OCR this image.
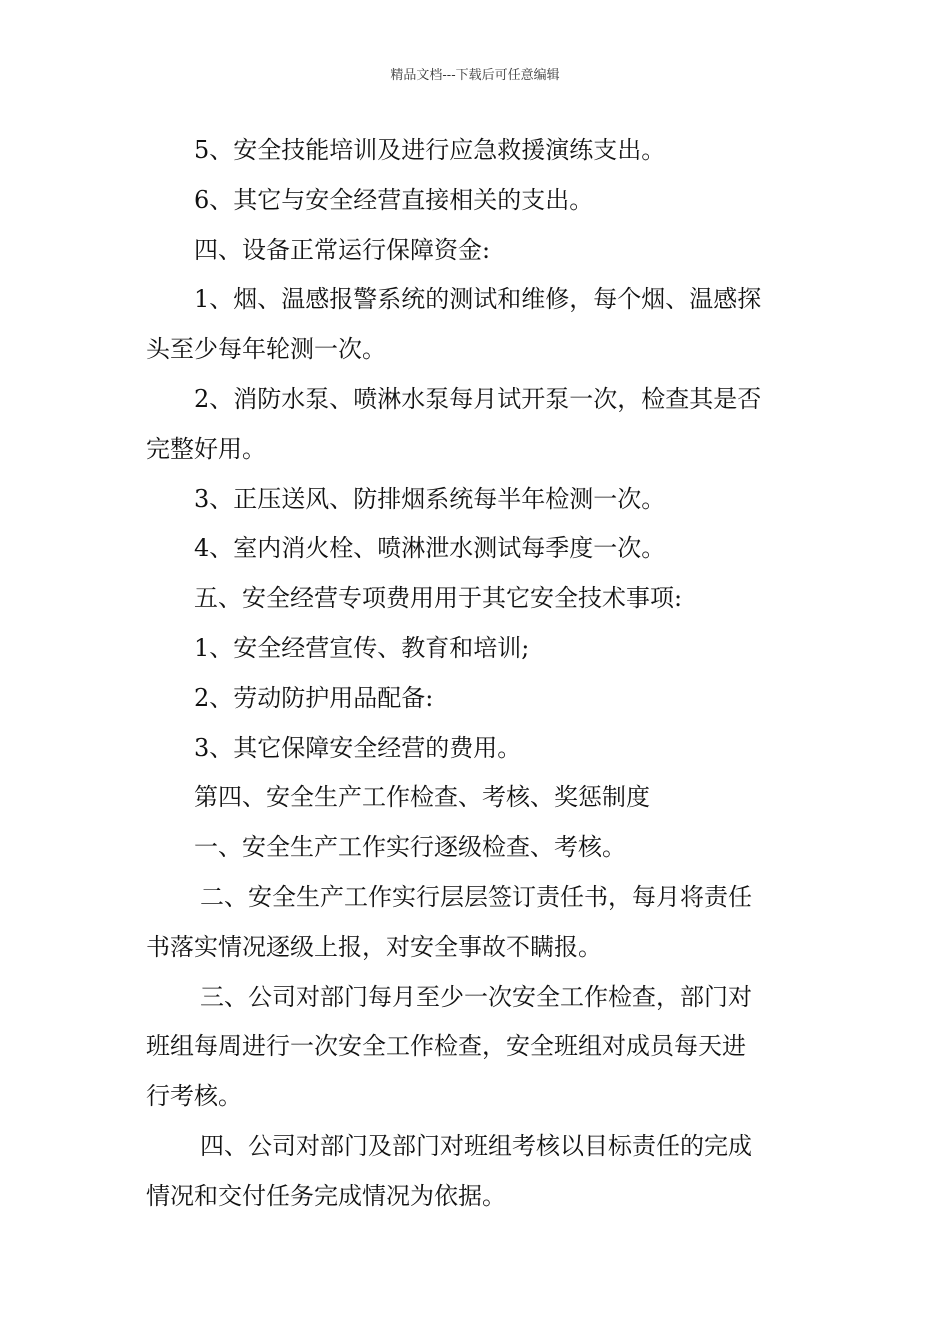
精品文档---下载后可任意编辑
5、安全技能培训及进行应急救援演练支出。
6、其它与安全经营直接相关的支出。
四、设备正常运行保障资金:
1、烟、温感报警系统的测试和维修，每个烟、温感探
头至少每年轮测一次。
2、消防水泵、喷淋水泵每月试开泵一次，检查其是否
完整好用。
3、正压送风、防排烟系统每半年检测一次。
4、室内消火栓、喷淋泄水测试每季度一次。
五、安全经营专项费用用于其它安全技术事项:
1、安全经营宣传、教育和培训;
2、劳动防护用品配备:
3、其它保障安全经营的费用。
第四、安全生产工作检查、考核、奖惩制度
一、安全生产工作实行逐级检查、考核。
二、安全生产工作实行层层签订责任书，每月将责任
书落实情况逐级上报，对安全事故不瞒报。
三、公司对部门每月至少一次安全工作检查，部门对
班组每周进行一次安全工作检查，安全班组对成员每天进
行考核。
四、公司对部门及部门对班组考核以目标责任的完成
情况和交付任务完成情况为依据。
